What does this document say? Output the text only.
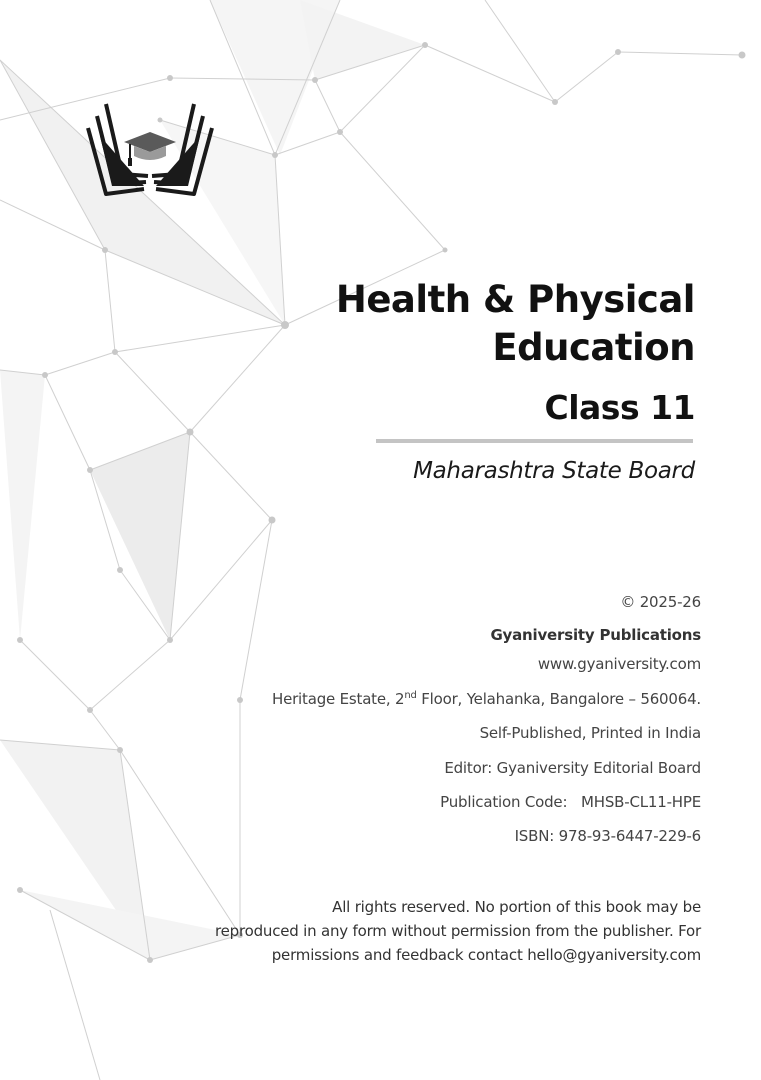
Health & Physical
Education
Class 11
Maharashtra State Board
© 2025-26
Gyaniversity Publications
www.gyaniversity.com
Heritage Estate, 2nd Floor, Yelahanka, Bangalore – 560064.
Self-Published, Printed in India
Editor: Gyaniversity Editorial Board
Publication Code: MHSB-CL11-HPE
ISBN: 978-93-6447-229-6
All rights reserved. No portion of this book may be
reproduced in any form without permission from the publisher. For
permissions and feedback contact hello@gyaniversity.com
